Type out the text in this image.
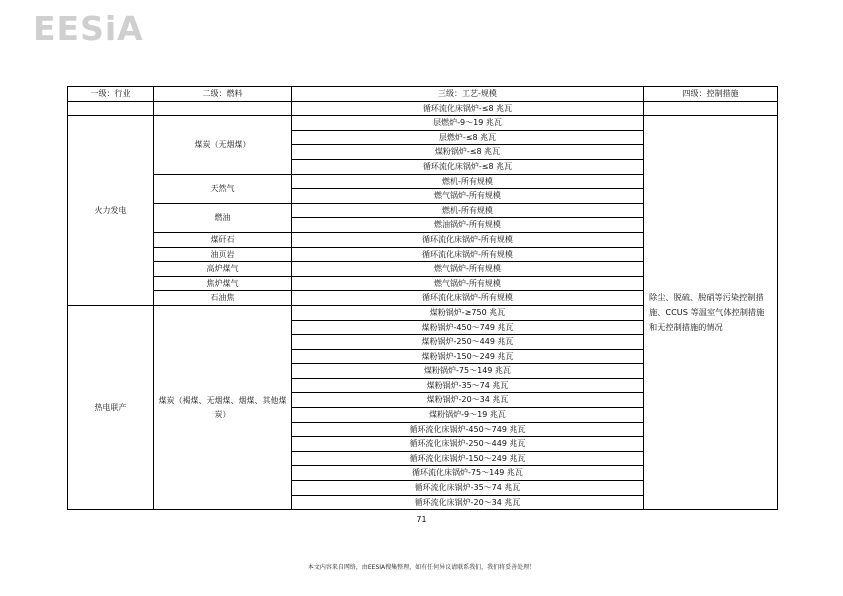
EESiA
一级：行业	二级：燃料	三级：工艺-规模	四级：控制措施
		循环流化床锅炉-≤8 兆瓦	
火力发电	煤炭（无烟煤）	层燃炉-9～19 兆瓦	除尘、脱硫、脱硝等污染控制措施、CCUS 等温室气体控制措施和无控制措施的情况
		层燃炉-≤8 兆瓦	
		煤粉锅炉-≤8 兆瓦	
		循环流化床锅炉-≤8 兆瓦	
	天然气	燃机-所有规模	
		燃气锅炉-所有规模	
	燃油	燃机-所有规模	
		燃油锅炉-所有规模	
	煤矸石	循环流化床锅炉-所有规模	
	油页岩	循环流化床锅炉-所有规模	
	高炉煤气	燃气锅炉-所有规模	
	焦炉煤气	燃气锅炉-所有规模	
	石油焦	循环流化床锅炉-所有规模	
热电联产	煤炭（褐煤、无烟煤、烟煤、其他煤炭）	煤粉锅炉-≥750 兆瓦	
		煤粉锅炉-450～749 兆瓦	
		煤粉锅炉-250～449 兆瓦	
		煤粉锅炉-150～249 兆瓦	
		煤粉锅炉-75～149 兆瓦	
		煤粉锅炉-35～74 兆瓦	
		煤粉锅炉-20～34 兆瓦	
		煤粉锅炉-9～19 兆瓦	
		循环流化床锅炉-450～749 兆瓦	
		循环流化床锅炉-250～449 兆瓦	
		循环流化床锅炉-150～249 兆瓦	
		循环流化床锅炉-75～149 兆瓦	
		循环流化床锅炉-35～74 兆瓦	
		循环流化床锅炉-20～34 兆瓦	
71
本文内容来自网络，由EESIA搜集整理，如有任何异议请联系我们，我们将妥善处理！
